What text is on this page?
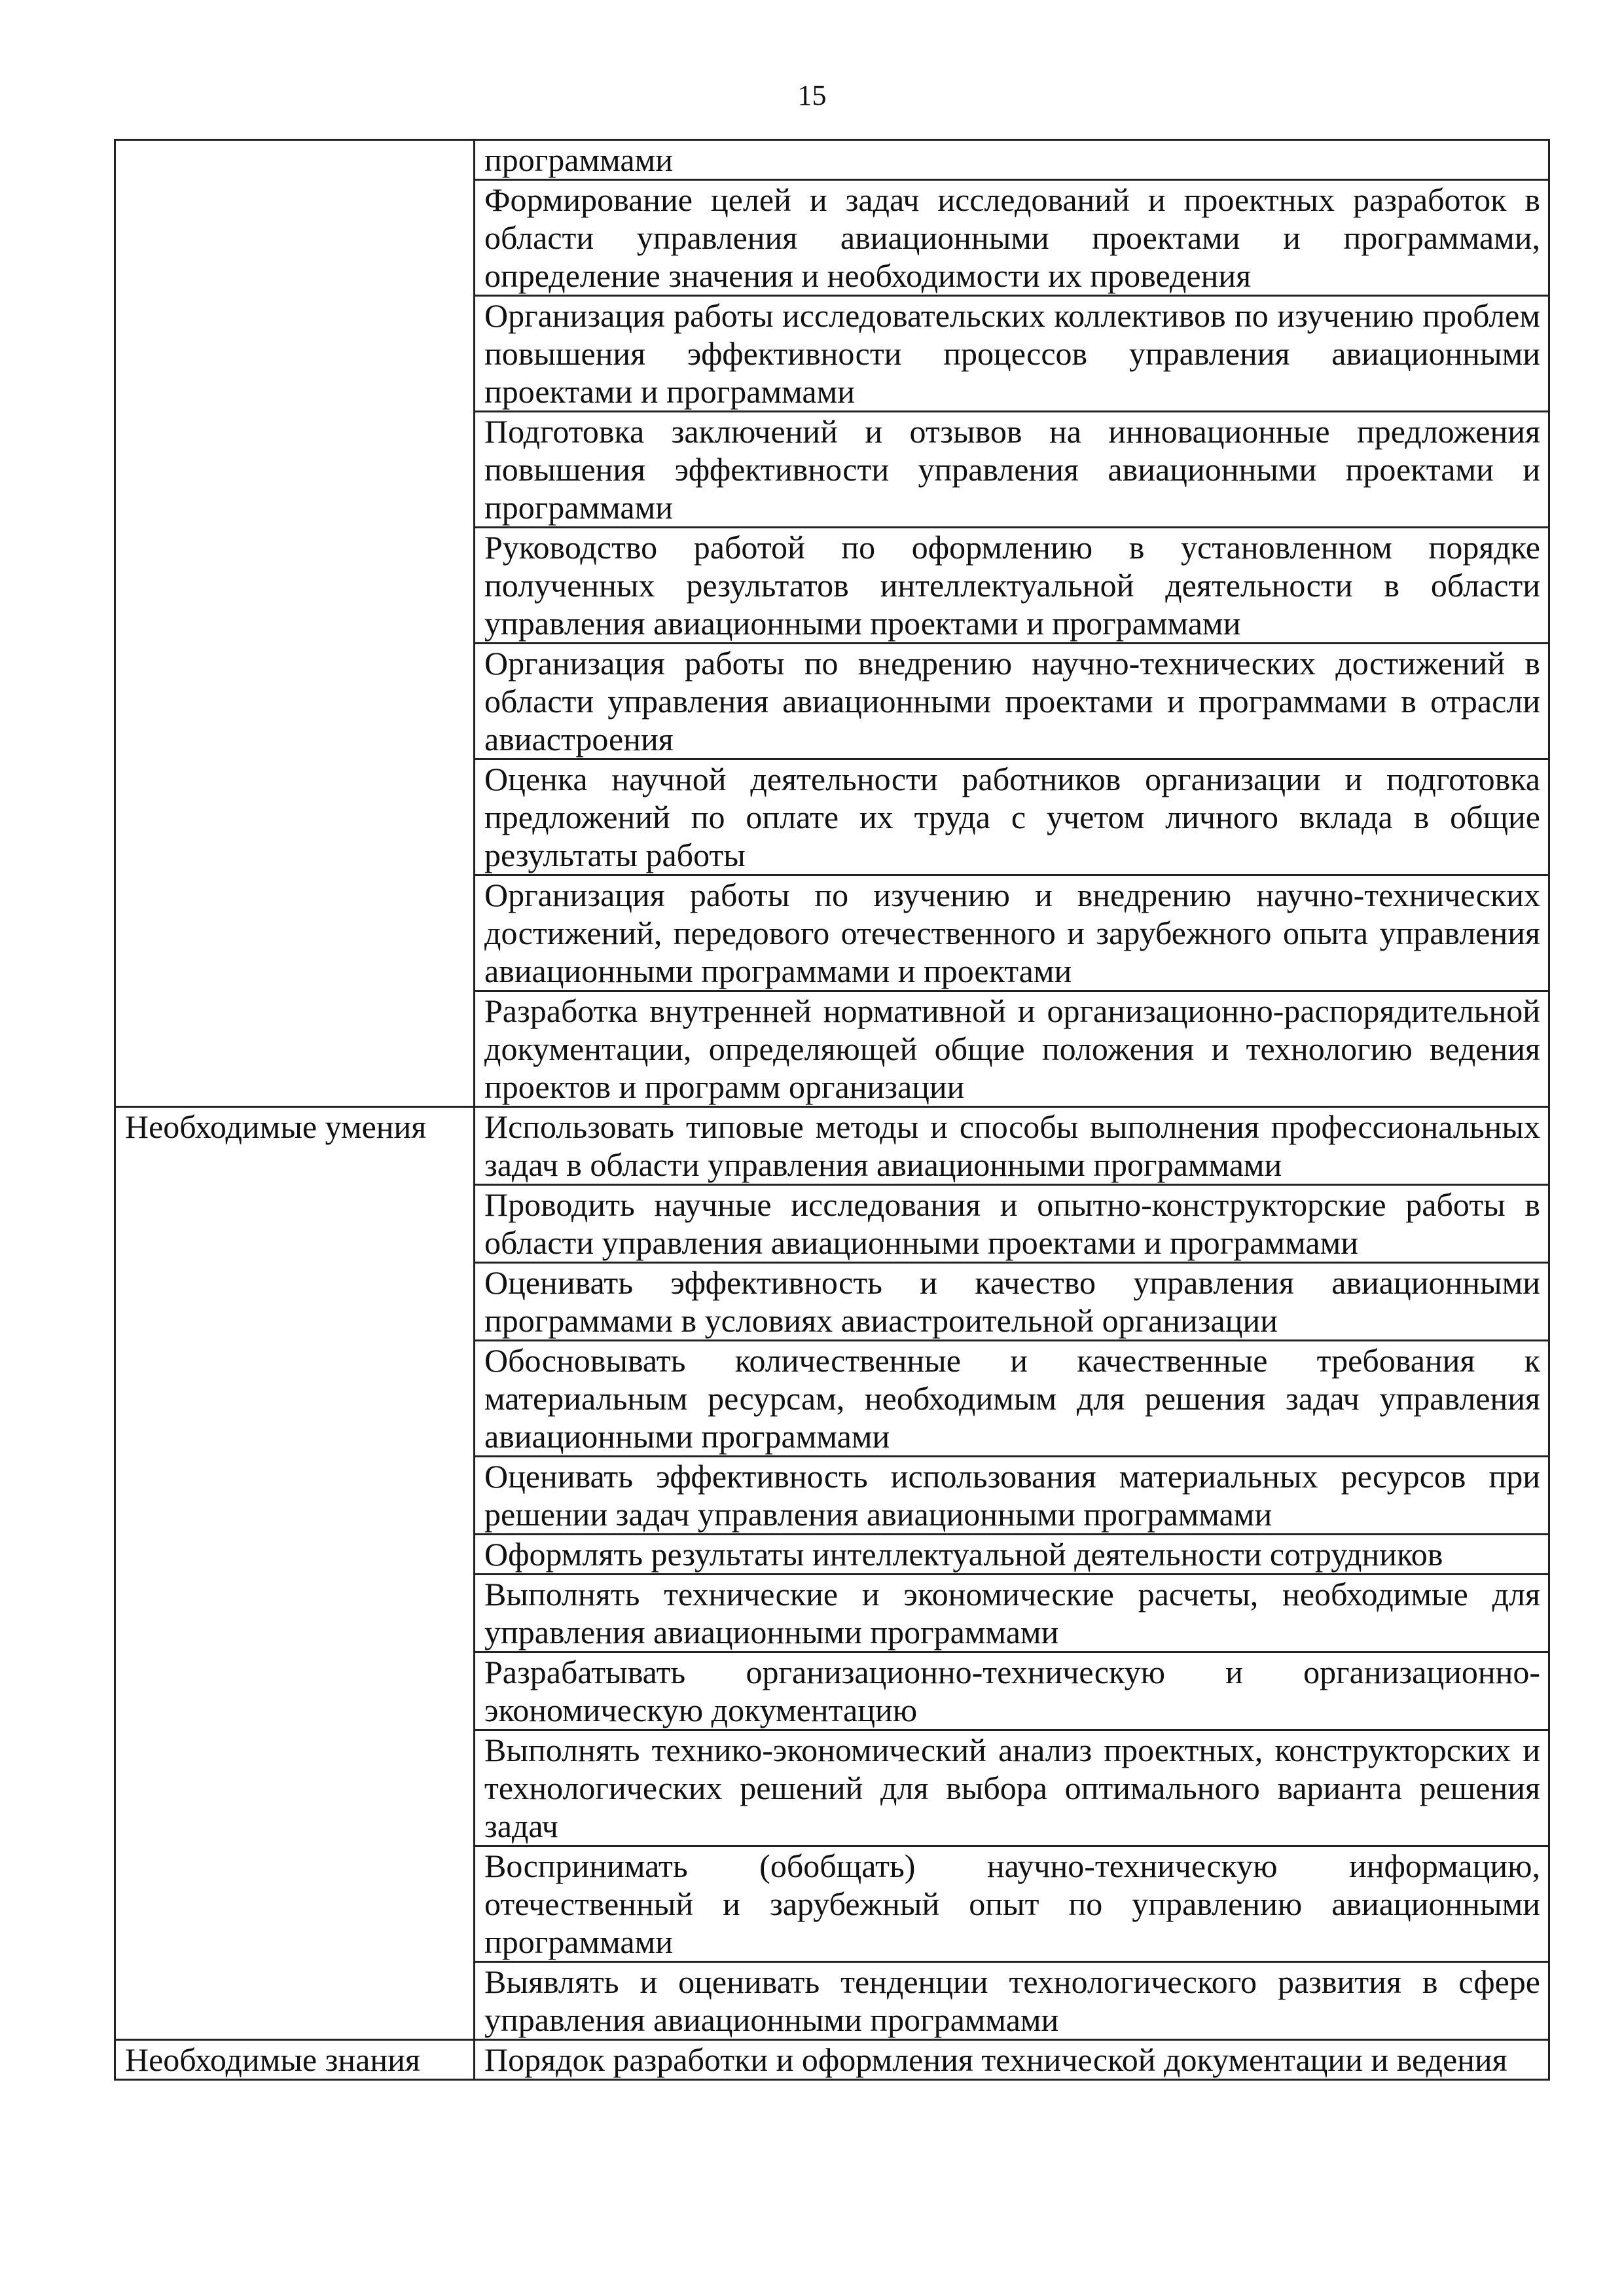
15
	программами
	Формирование целей и задач исследований и проектных разработок в области управления авиационными проектами и программами, определение значения и необходимости их проведения
	Организация работы исследовательских коллективов по изучению проблем повышения эффективности процессов управления авиационными проектами и программами
	Подготовка заключений и отзывов на инновационные предложения повышения эффективности управления авиационными проектами и программами
	Руководство работой по оформлению в установленном порядке полученных результатов интеллектуальной деятельности в области управления авиационными проектами и программами
	Организация работы по внедрению научно-технических достижений в области управления авиационными проектами и программами в отрасли авиастроения
	Оценка научной деятельности работников организации и подготовка предложений по оплате их труда с учетом личного вклада в общие результаты работы
	Организация работы по изучению и внедрению научно-технических достижений, передового отечественного и зарубежного опыта управления авиационными программами и проектами
	Разработка внутренней нормативной и организационно-распорядительной документации, определяющей общие положения и технологию ведения проектов и программ организации
Необходимые умения	Использовать типовые методы и способы выполнения профессиональных задач в области управления авиационными программами
	Проводить научные исследования и опытно-конструкторские работы в области управления авиационными проектами и программами
	Оценивать эффективность и качество управления авиационными программами в условиях авиастроительной организации
	Обосновывать количественные и качественные требования к материальным ресурсам, необходимым для решения задач управления авиационными программами
	Оценивать эффективность использования материальных ресурсов при решении задач управления авиационными программами
	Оформлять результаты интеллектуальной деятельности сотрудников
	Выполнять технические и экономические расчеты, необходимые для управления авиационными программами
	Разрабатывать организационно-техническую и организационно-экономическую документацию
	Выполнять технико-экономический анализ проектных, конструкторских и технологических решений для выбора оптимального варианта решения задач
	Воспринимать (обобщать) научно-техническую информацию, отечественный и зарубежный опыт по управлению авиационными программами
	Выявлять и оценивать тенденции технологического развития в сфере управления авиационными программами
Необходимые знания	Порядок разработки и оформления технической документации и ведения
